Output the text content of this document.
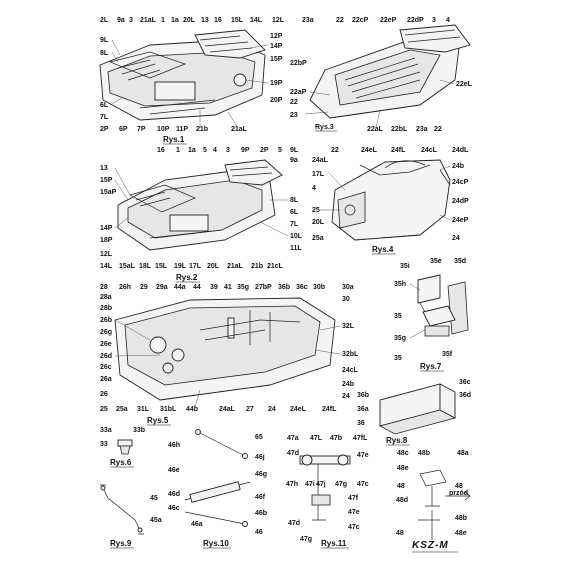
2L 9a 3 21aL 1 1a 20L 13 16 15L 14L 12L
9L
8L
12P
14P
15P
19P
20P
6L
7L
2P 6P 7P 10P 11P 21b	21aL
Rys.1
23a	22 22cP 22eP 22dP 3 4
22bP
22eL
22aP
22
23
Rys.3	22aL 22bL 23a 22
16 1 1a 5 4 3 9P 2P 5 9L
9a
13
15P
15aP
8L
6L
7L
10L
11L
14P
18P
12L
14L 15aL 18L 15L 19L 17L 20L 21aL 21b 21cL
Rys.2
22	24eL 24fL 24cL
24aL
24dL
17L
4
24b
24cP
24dP
25
20L	24eP
25a	24
Rys.4
35i
35e 35d
35h
35
35g
35
35f
Rys.7
28 26h 29 29a 44a 44 39 41 35g 27bP 36b 36c 30b 30a
28a
28b
30
26b
26g
32L
26e
26d	32bL
26c
26a
24cL
24b
26	24
25 25a 31L 31bL 44b	24aL 27 24 24eL 24fL
Rys.5
36c
36d
36b
36a
36
Rys.8
33a	33b
33
Rys.6
65
46h
46j
46e
46g
46d	46f
46c
46b
46a
46
Rys.10
45
45a
Rys.9
47a 47L 47b 47fL
47d	47e
47h 47i 47j 47g 47c
47f
47e
47d
47c
47g Rys.11
48c 48b	48a
48e
48	48
48d
48b
48	48e
przód
KSZ-M
